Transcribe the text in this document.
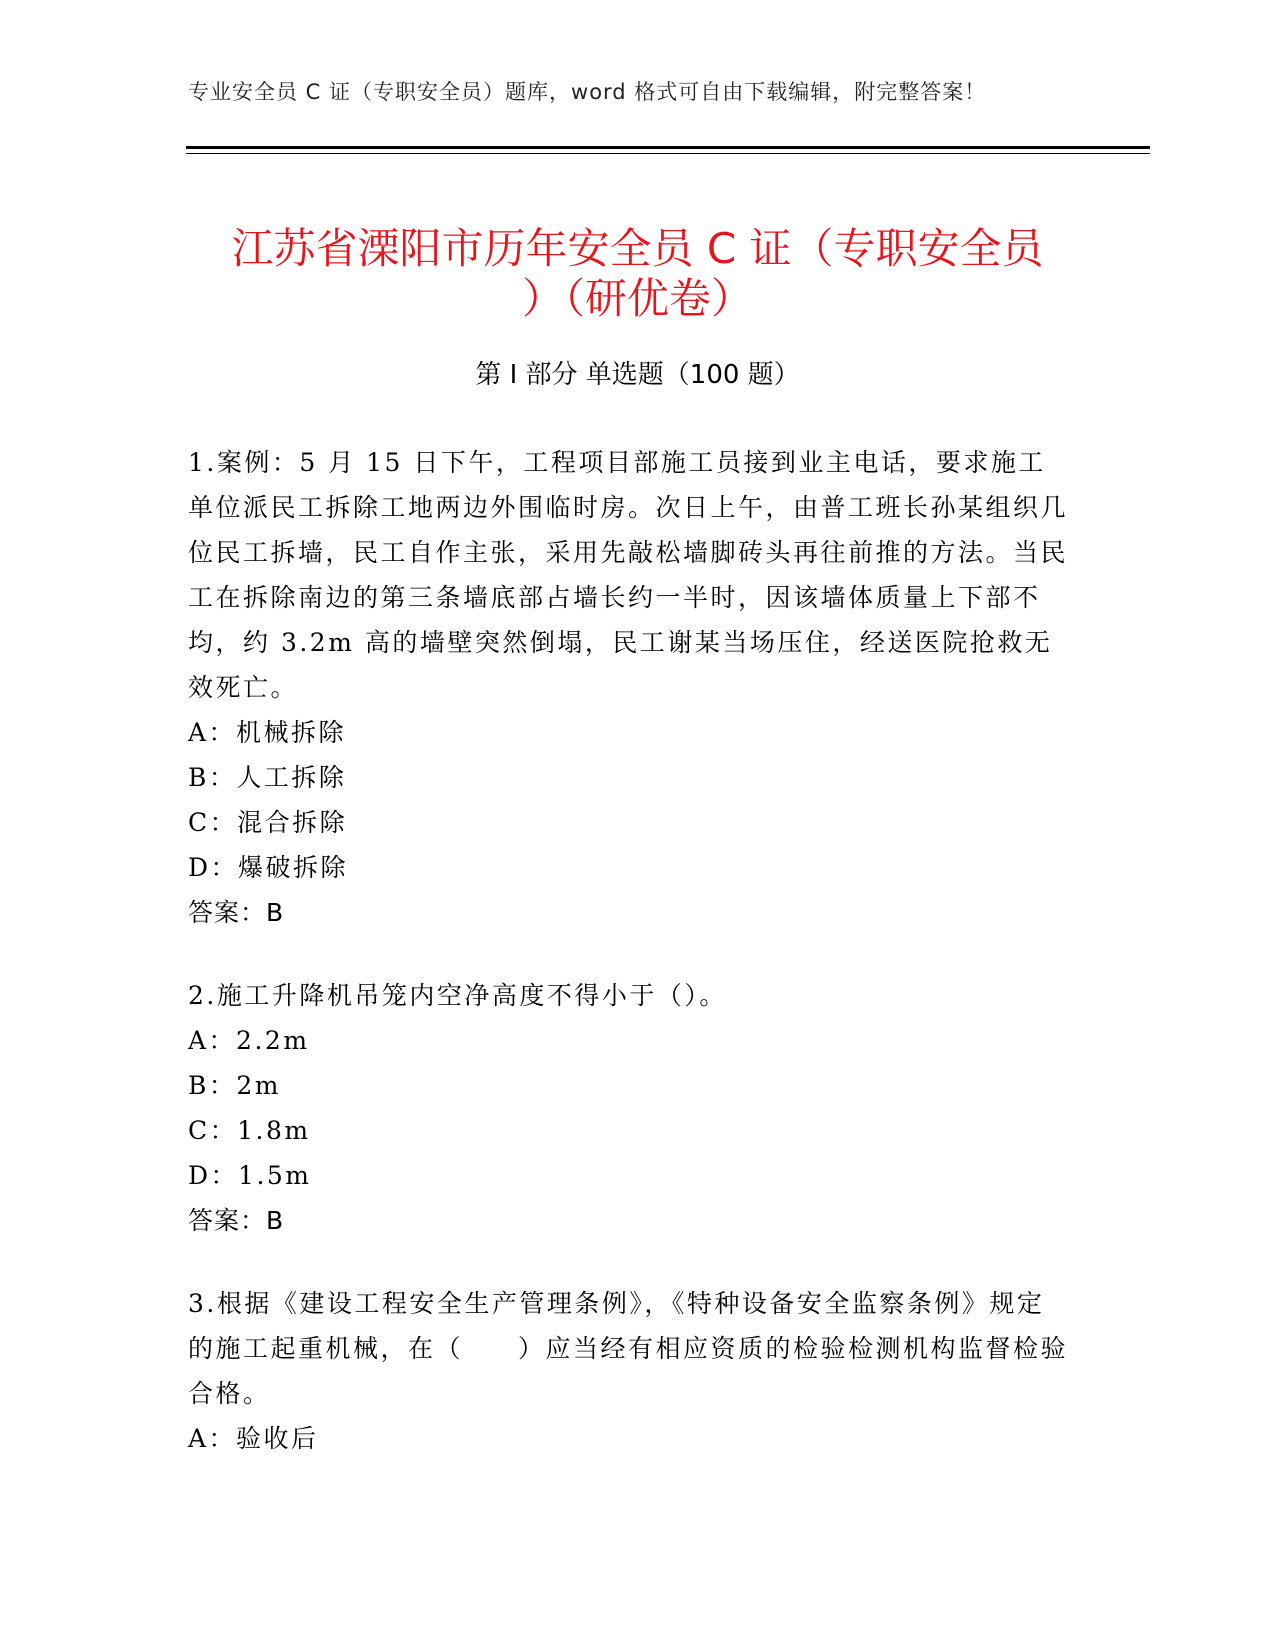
专业安全员 C 证（专职安全员）题库，word 格式可自由下载编辑，附完整答案！
江苏省溧阳市历年安全员 C 证（专职安全员
）（研优卷）
第 I 部分 单选题（100 题）

1.案例：5 月 15 日下午，工程项目部施工员接到业主电话，要求施工单位派民工拆除工地两边外围临时房。次日上午，由普工班长孙某组织几位民工拆墙，民工自作主张，采用先敲松墙脚砖头再往前推的方法。当民工在拆除南边的第三条墙底部占墙长约一半时，因该墙体质量上下部不均，约 3.2m 高的墙壁突然倒塌，民工谢某当场压住，经送医院抢救无效死亡。

A：机械拆除

B：人工拆除

C：混合拆除

D：爆破拆除

答案：B

2.施工升降机吊笼内空净高度不得小于（）。

A：2.2m

B：2m

C：1.8m

D：1.5m

答案：B

3.根据《建设工程安全生产管理条例》，《特种设备安全监察条例》规定的施工起重机械，在（　　）应当经有相应资质的检验检测机构监督检验合格。

A：验收后
